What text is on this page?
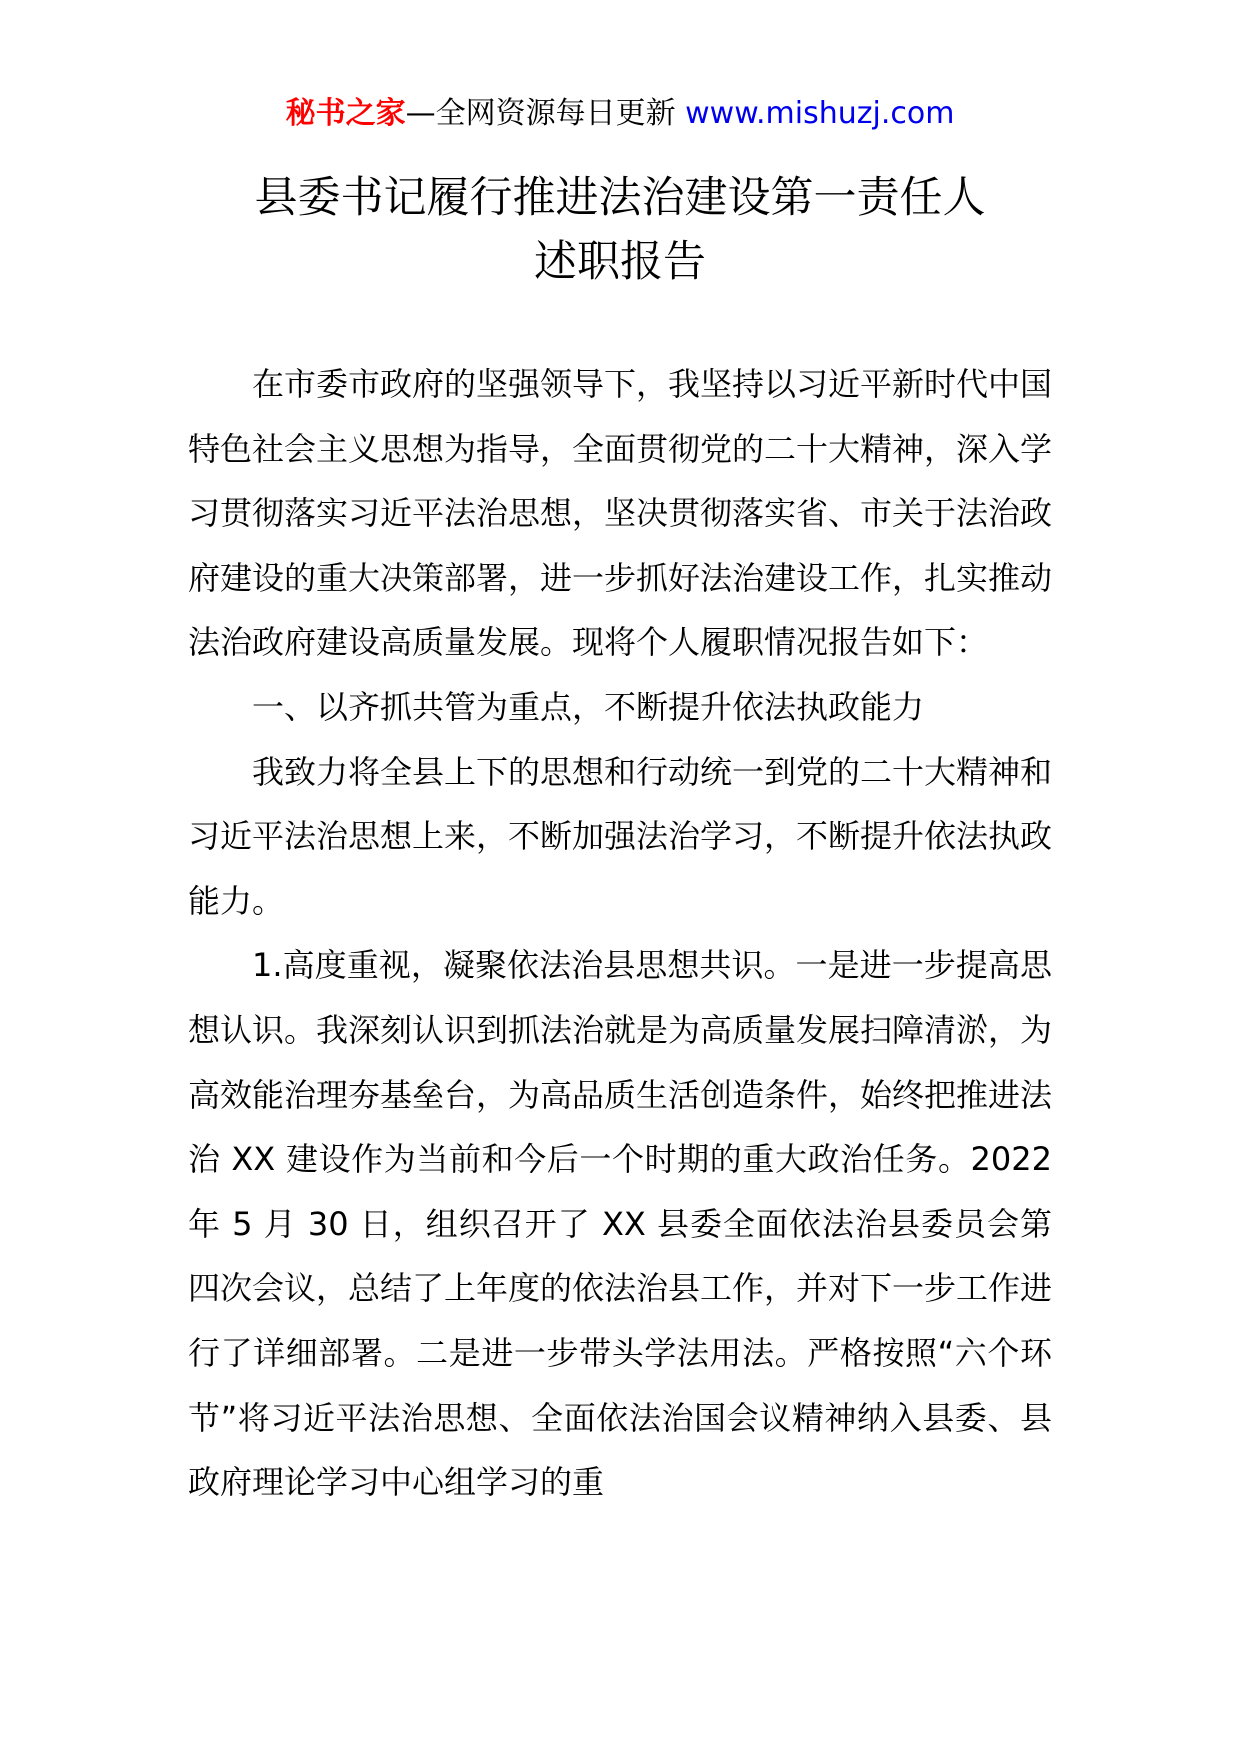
秘书之家—全网资源每日更新 www.mishuzj.com
县委书记履行推进法治建设第一责任人
述职报告

在市委市政府的坚强领导下，我坚持以习近平新时代中国特色社会主义思想为指导，全面贯彻党的二十大精神，深入学习贯彻落实习近平法治思想，坚决贯彻落实省、市关于法治政府建设的重大决策部署，进一步抓好法治建设工作，扎实推动法治政府建设高质量发展。现将个人履职情况报告如下：

一、以齐抓共管为重点，不断提升依法执政能力

我致力将全县上下的思想和行动统一到党的二十大精神和习近平法治思想上来，不断加强法治学习，不断提升依法执政能力。

1.高度重视，凝聚依法治县思想共识。一是进一步提高思想认识。我深刻认识到抓法治就是为高质量发展扫障清淤，为高效能治理夯基垒台，为高品质生活创造条件，始终把推进法治 XX 建设作为当前和今后一个时期的重大政治任务。2022 年 5 月 30 日，组织召开了 XX 县委全面依法治县委员会第四次会议，总结了上年度的依法治县工作，并对下一步工作进行了详细部署。二是进一步带头学法用法。严格按照“六个环节”将习近平法治思想、全面依法治国会议精神纳入县委、县政府理论学习中心组学习的重
